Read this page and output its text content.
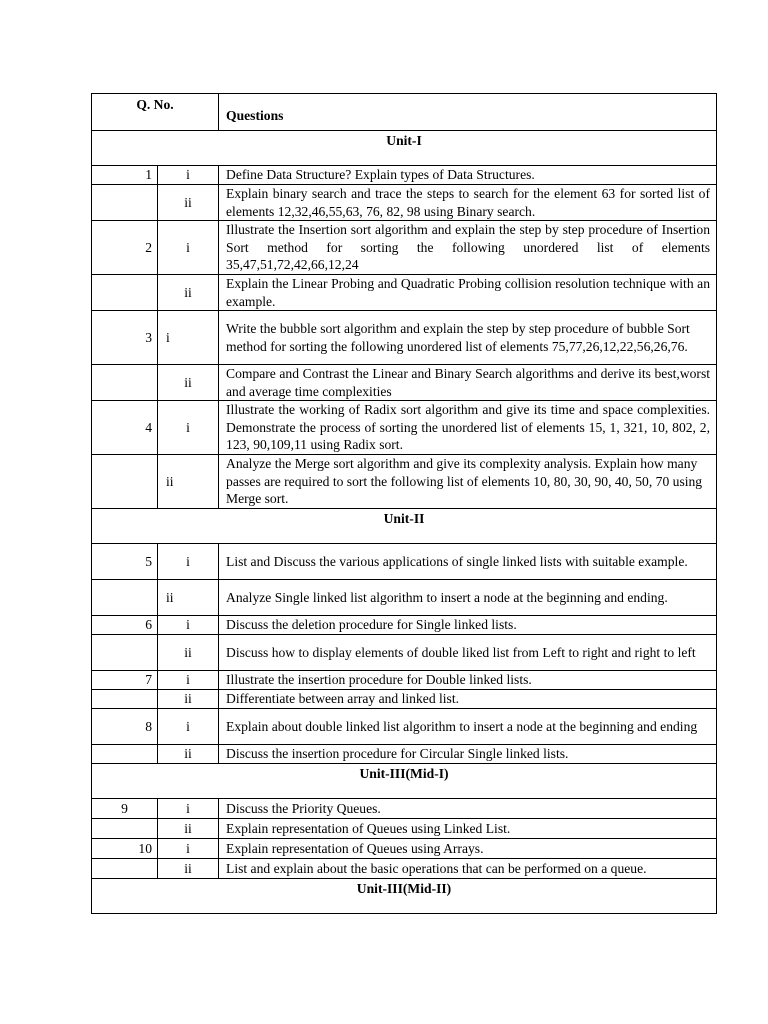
Q. No.		Questions

Unit-I		

1	i	Define Data Structure? Explain types of Data Structures.
	ii	Explain binary search and trace the steps to search for the element 63 for sorted list of elements 12,32,46,55,63, 76, 82, 98 using Binary search.
2	i	Illustrate the Insertion sort algorithm and explain the step by step procedure of Insertion Sort method for sorting the following unordered list of elements 35,47,51,72,42,66,12,24
	ii	Explain the Linear Probing and Quadratic Probing collision resolution technique with an example.
3	i	Write the bubble sort algorithm and explain the step by step procedure of bubble Sort method for sorting the following unordered list of elements 75,77,26,12,22,56,26,76.
	ii	Compare and Contrast the Linear and Binary Search algorithms and derive its best,worst and average time complexities
4	i	Illustrate the working of Radix sort algorithm and give its time and space complexities. Demonstrate the process of sorting the unordered list of elements 15, 1, 321, 10, 802, 2, 123, 90,109,11 using Radix sort.
	ii	Analyze the Merge sort algorithm and give its complexity analysis. Explain how many passes are required to sort the following list of elements 10, 80, 30, 90, 40, 50, 70 using Merge sort.

Unit-II		

5	i	List and Discuss the various applications of single linked lists with suitable example.
	ii	Analyze Single linked list algorithm to insert a node at the beginning and ending.
6	i	Discuss the deletion procedure for Single linked lists.
	ii	Discuss how to display elements of double liked list from Left to right and right to left
7	i	Illustrate the insertion procedure for Double linked lists.
	ii	Differentiate between array and linked list.
8	i	Explain about double linked list algorithm to insert a node at the beginning and ending
	ii	Discuss the insertion procedure for Circular Single linked lists.

Unit-III(Mid-I)		

9	i	Discuss the Priority Queues.
	ii	Explain representation of Queues using Linked List.
10	i	Explain representation of Queues using Arrays.
	ii	List and explain about the basic operations that can be performed on a queue.

Unit-III(Mid-II)		
